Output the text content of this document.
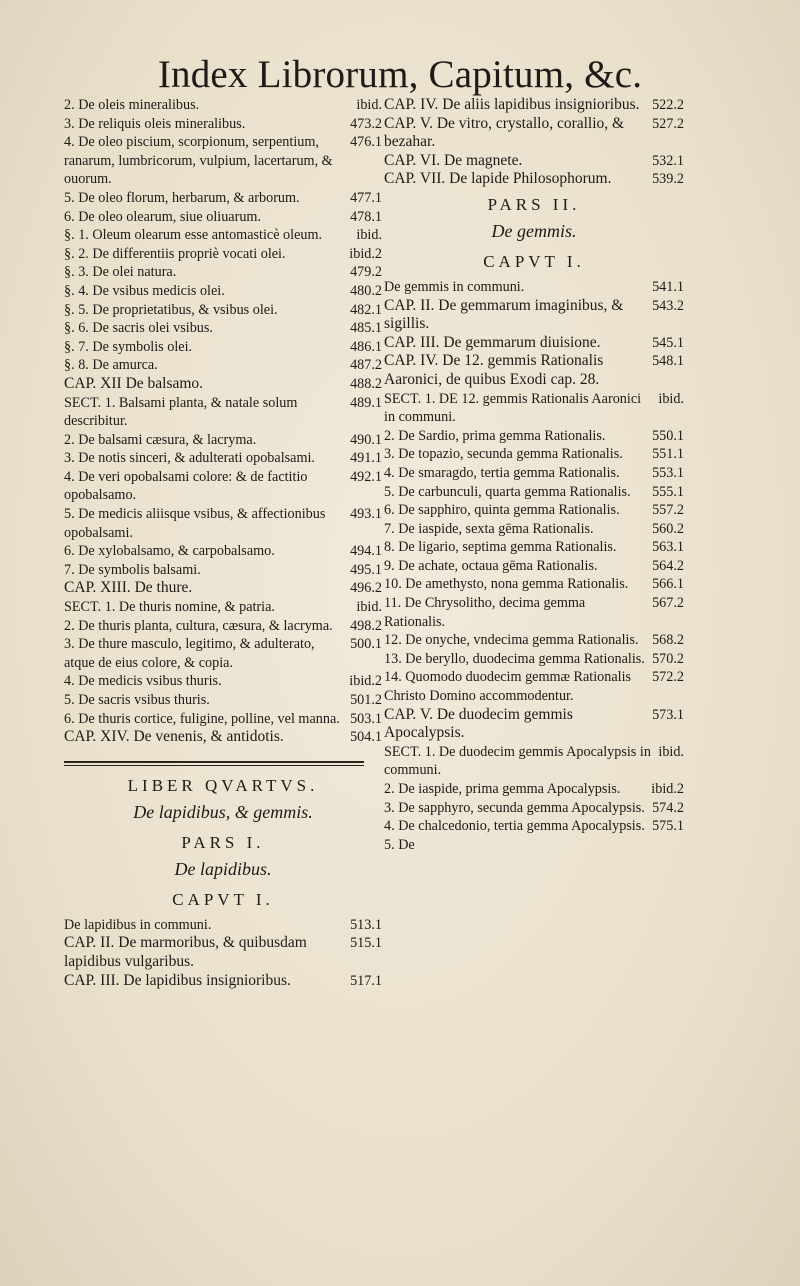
Index Librorum, Capitum, &c.
2. De oleis mineralibus.	ibid.
3. De reliquis oleis mineralibus.	473.2
4. De oleo piscium, scorpionum, serpentium, ranarum, lumbricorum, vulpium, lacertarum, & ouorum.
476.1
5. De oleo florum, herbarum, & arborum.	477.1
6. De oleo olearum, siue oliuarum.	478.1
§. 1. Oleum olearum esse antomasticè oleum. ibid.
§. 2. De differentiis propriè vocati olei.	ibid.2
§. 3. De olei natura.	479.2
§. 4. De vsibus medicis olei.	480.2
§. 5. De proprietatibus, & vsibus olei.	482.1
§. 6. De sacris olei vsibus.	485.1
§. 7. De symbolis olei.	486.1
§. 8. De amurca.	487.2
CAP. XII De balsamo.	488.2
SECT. 1. Balsami planta, & natale solum describitur.
489.1
2. De balsami cæsura, & lacryma.	490.1
3. De notis sinceri, & adulterati opobalsami. 491.1
4. De veri opobalsami colore: & de factitio opobalsamo.
492.1
5. De medicis aliisque vsibus, & affectionibus opobalsami.
493.1
6. De xylobalsamo, & carpobalsamo.	494.1
7. De symbolis balsami.	495.1
CAP. XIII. De thure.	496.2
SECT. 1. De thuris nomine, & patria.	ibid.
2. De thuris planta, cultura, cæsura, & lacryma. 498.2
3. De thure masculo, legitimo, & adulterato, atque de eius colore, & copia.
500.1
4. De medicis vsibus thuris.	ibid.2
5. De sacris vsibus thuris.	501.2
6. De thuris cortice, fuligine, polline, vel manna. 503.1
CAP. XIV. De venenis, & antidotis.	504.1
LIBER QVARTVS.
De lapidibus, & gemmis.
PARS I.
De lapidibus.
CAPVT I.
De lapidibus in communi.	513.1
CAP. II. De marmoribus, & quibusdam lapidibus vulgaribus.
515.1
CAP. III. De lapidibus insignioribus.	517.1
CAP. IV. De aliis lapidibus insignioribus. 522.2
CAP. V. De vitro, crystallo, corallio, & bezahar.
527.2
CAP. VI. De magnete.	532.1
CAP. VII. De lapide Philosophorum.	539.2
PARS II.
De gemmis.
CAPVT I.
De gemmis in communi.	541.1
CAP. II. De gemmarum imaginibus, & sigillis.
543.2
CAP. III. De gemmarum diuisione.	545.1
CAP. IV. De 12. gemmis Rationalis Aaronici, de quibus Exodi cap. 28.
548.1
SECT. 1. DE 12. gemmis Rationalis Aaronici in communi.
ibid.
2. De Sardio, prima gemma Rationalis.	550.1
3. De topazio, secunda gemma Rationalis. 551.1
4. De smaragdo, tertia gemma Rationalis. 553.1
5. De carbunculi, quarta gemma Rationalis. 555.1
6. De sapphiro, quinta gemma Rationalis. 557.2
7. De iaspide, sexta gēma Rationalis.	560.2
8. De ligario, septima gemma Rationalis.	563.1
9. De achate, octaua gēma Rationalis.	564.2
10. De amethysto, nona gemma Rationalis. 566.1
11. De Chrysolitho, decima gemma Rationalis.
567.2
12. De onyche, vndecima gemma Rationalis. 568.2
13. De beryllo, duodecima gemma Rationalis. 570.2
14. Quomodo duodecim gemmæ Rationalis Christo Domino accommodentur.
572.2
CAP. V. De duodecim gemmis Apocalypsis.
573.1
SECT. 1. De duodecim gemmis Apocalypsis in communi.
ibid.
2. De iaspide, prima gemma Apocalypsis. ibid.2
3. De sapphyro, secunda gemma Apocalypsis. 574.2
4. De chalcedonio, tertia gemma Apocalypsis. 575.1
5. De
